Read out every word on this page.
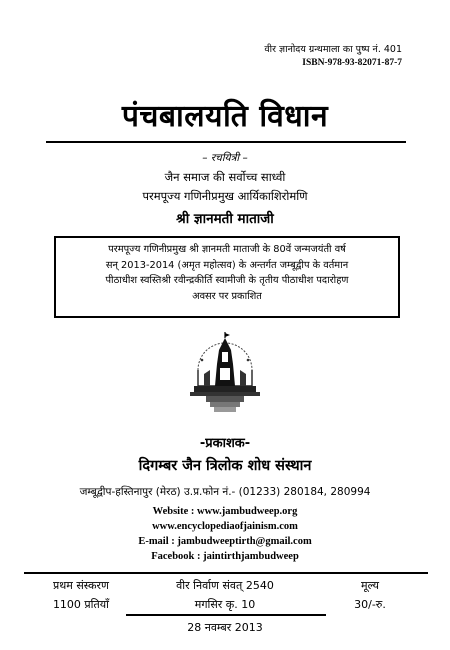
वीर ज्ञानोदय ग्रन्थमाला का पुष्प नं. 401
ISBN-978-93-82071-87-7
पंचबालयति विधान
– रचयित्री –
जैन समाज की सर्वोच्च साध्वी
परमपूज्य गणिनीप्रमुख आर्यिकाशिरोमणि
श्री ज्ञानमती माताजी
परमपूज्य गणिनीप्रमुख श्री ज्ञानमती माताजी के 80वें जन्मजयंती वर्ष
सन् 2013-2014 (अमृत महोत्सव) के अन्तर्गत जम्बूद्वीप के वर्तमान
पीठाधीश स्वस्तिश्री रवीन्द्रकीर्ति स्वामीजी के तृतीय पीठाधीश पदारोहण
अवसर पर प्रकाशित
-प्रकाशक-
दिगम्बर जैन त्रिलोक शोध संस्थान
जम्बूद्वीप-हस्तिनापुर (मेरठ) उ.प्र.फोन नं.- (01233) 280184, 280994
Website : www.jambudweep.org
www.encyclopediaofjainism.com
E-mail : jambudweeptirth@gmail.com
Facebook : jaintirthjambudweep
प्रथम संस्करण
1100 प्रतियाँ
वीर निर्वाण संवत् 2540
मगसिर कृ. 10
28 नवम्बर 2013
मूल्य
30/-रु.
